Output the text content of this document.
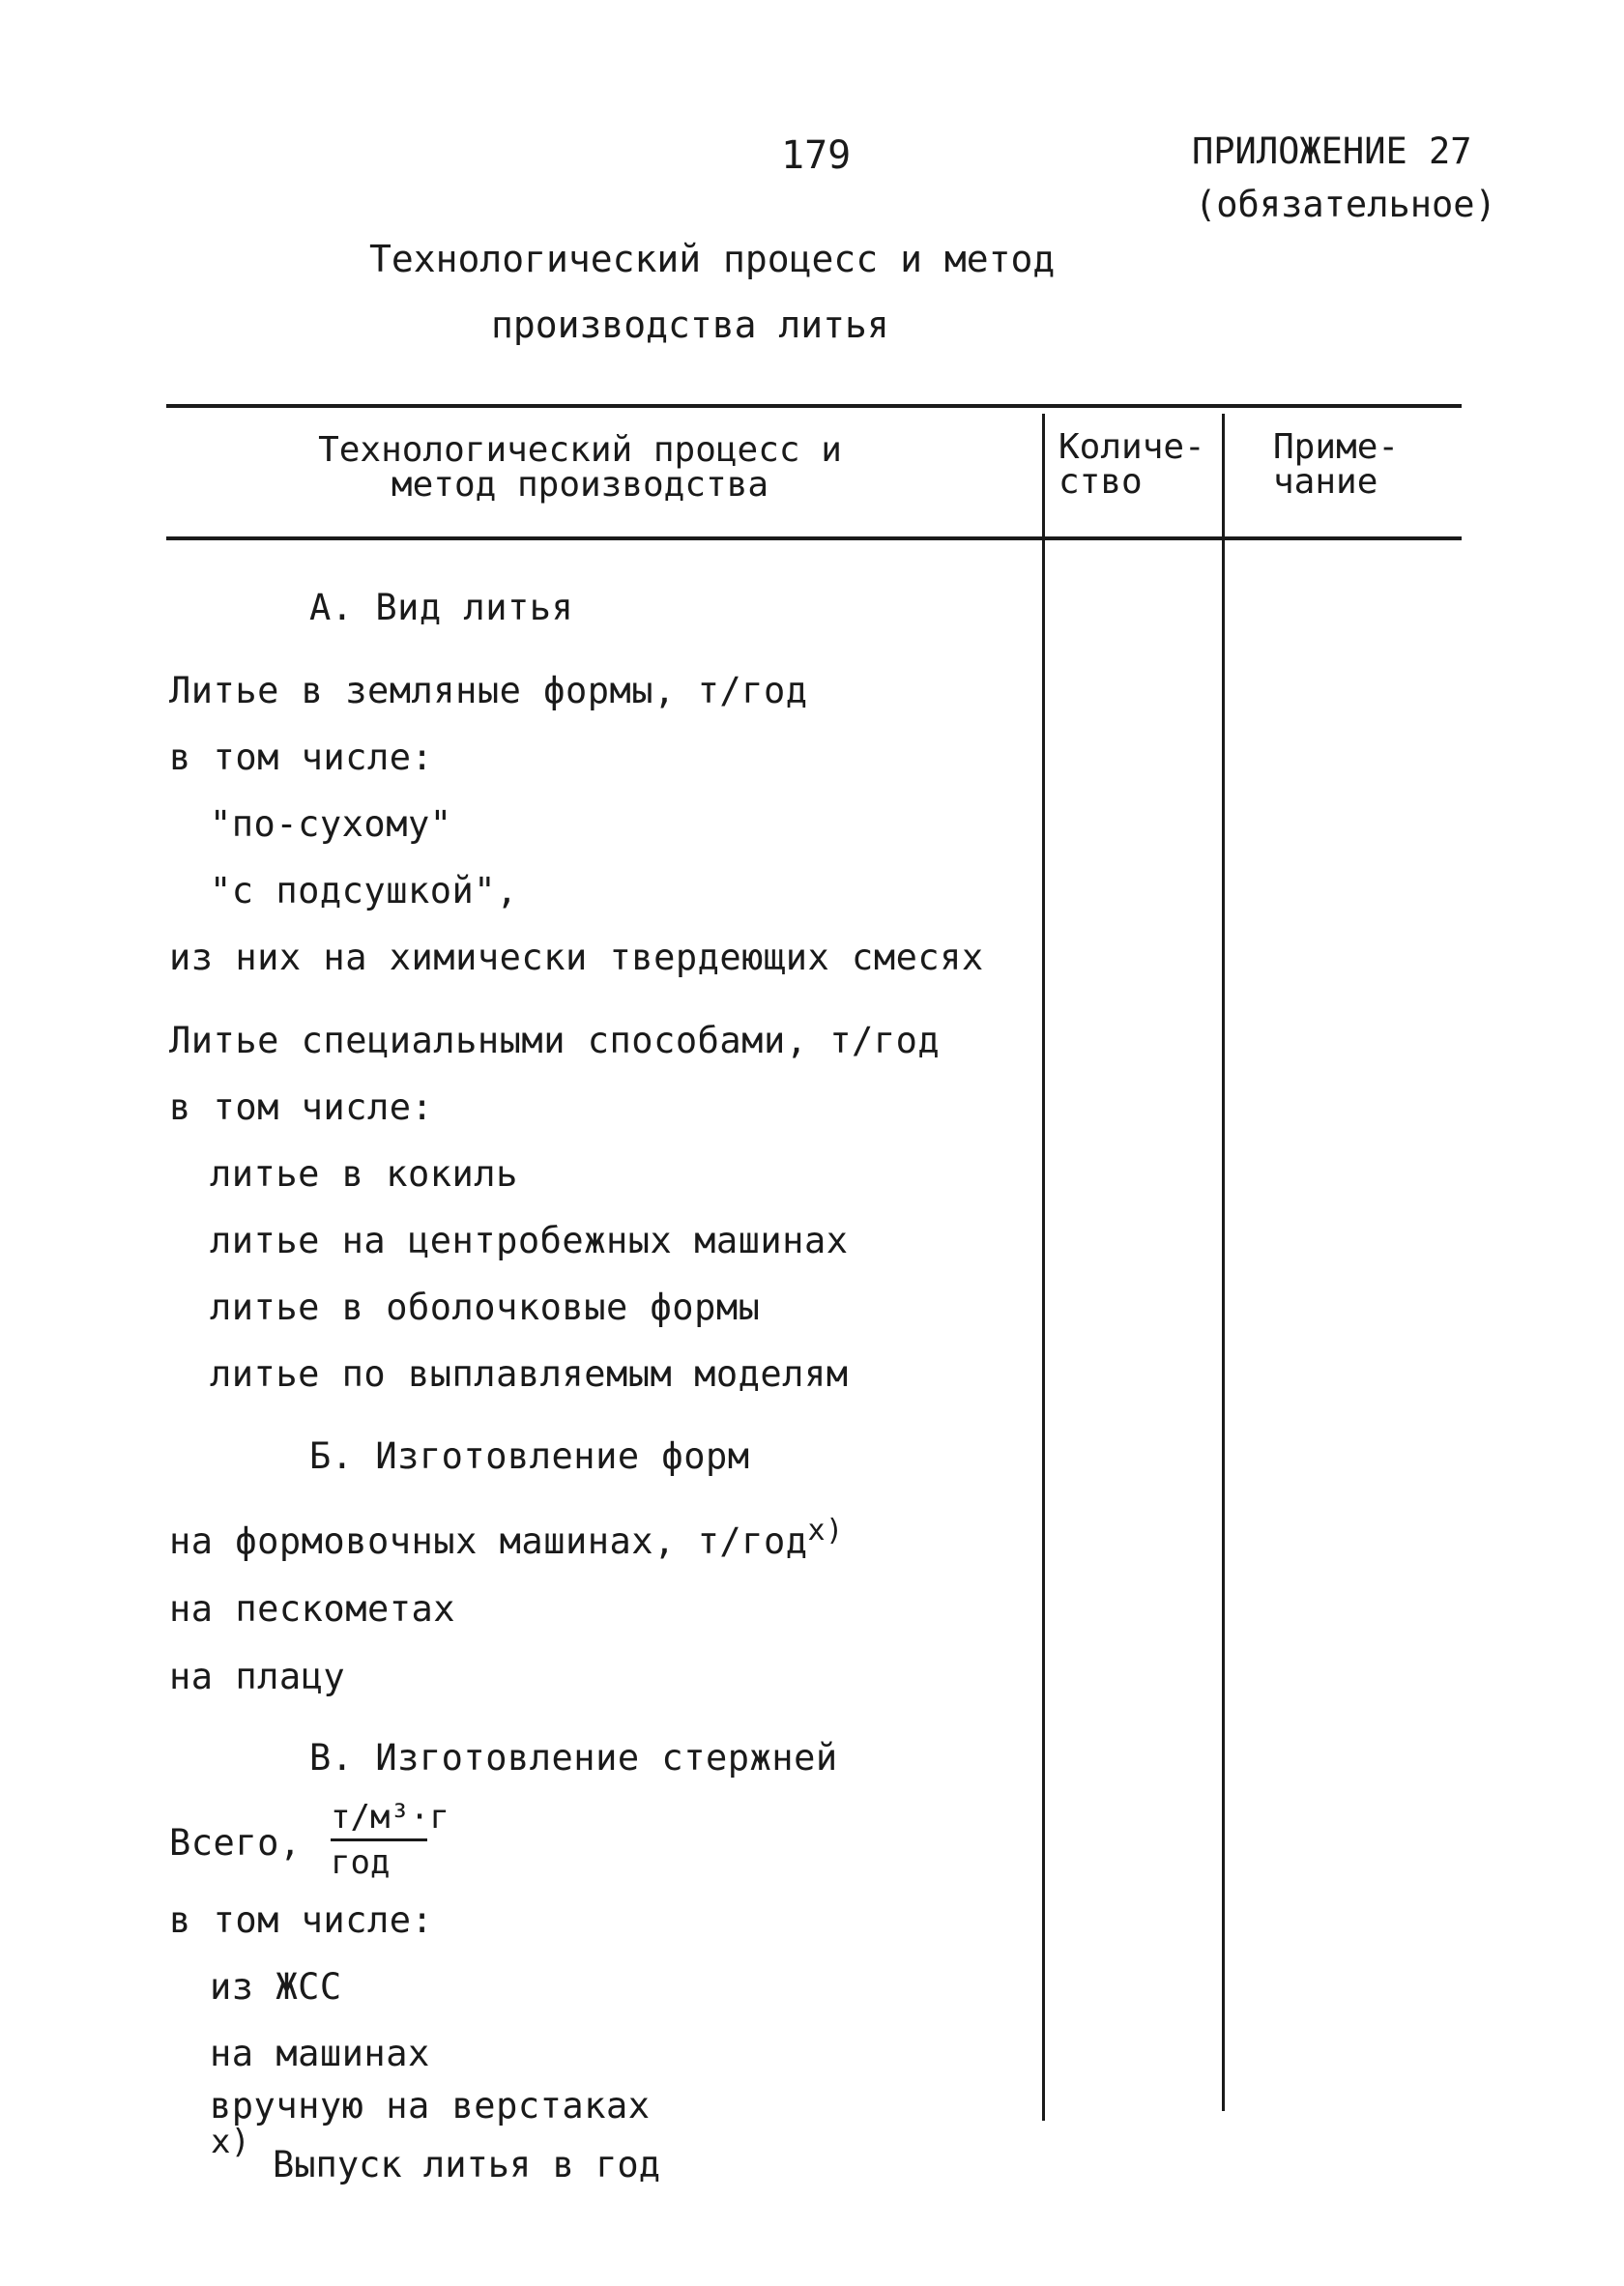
179	ПРИЛОЖЕНИЕ 27
(обязательное)
Технологический процесс и метод
производства литья
Технологический процесс и метод производства
Количе- ство
Приме- чание
А. Вид литья
Литье в земляные формы, т/год
в том числе:
"по-сухому"
"с подсушкой",
из них на химически твердеющих смесях
Литье специальными способами, т/год
в том числе:
литье в кокиль
литье на центробежных машинах
литье в оболочковые формы
литье по выплавляемым моделям
Б. Изготовление форм
на формовочных машинах, т/год$^{х)}$
на пескометах
на плацу
В. Изготовление стержней
Всего,
т/м³·г
год
в том числе:
из ЖСС
на машинах
вручную на верстаках
х)
Выпуск литья в год
